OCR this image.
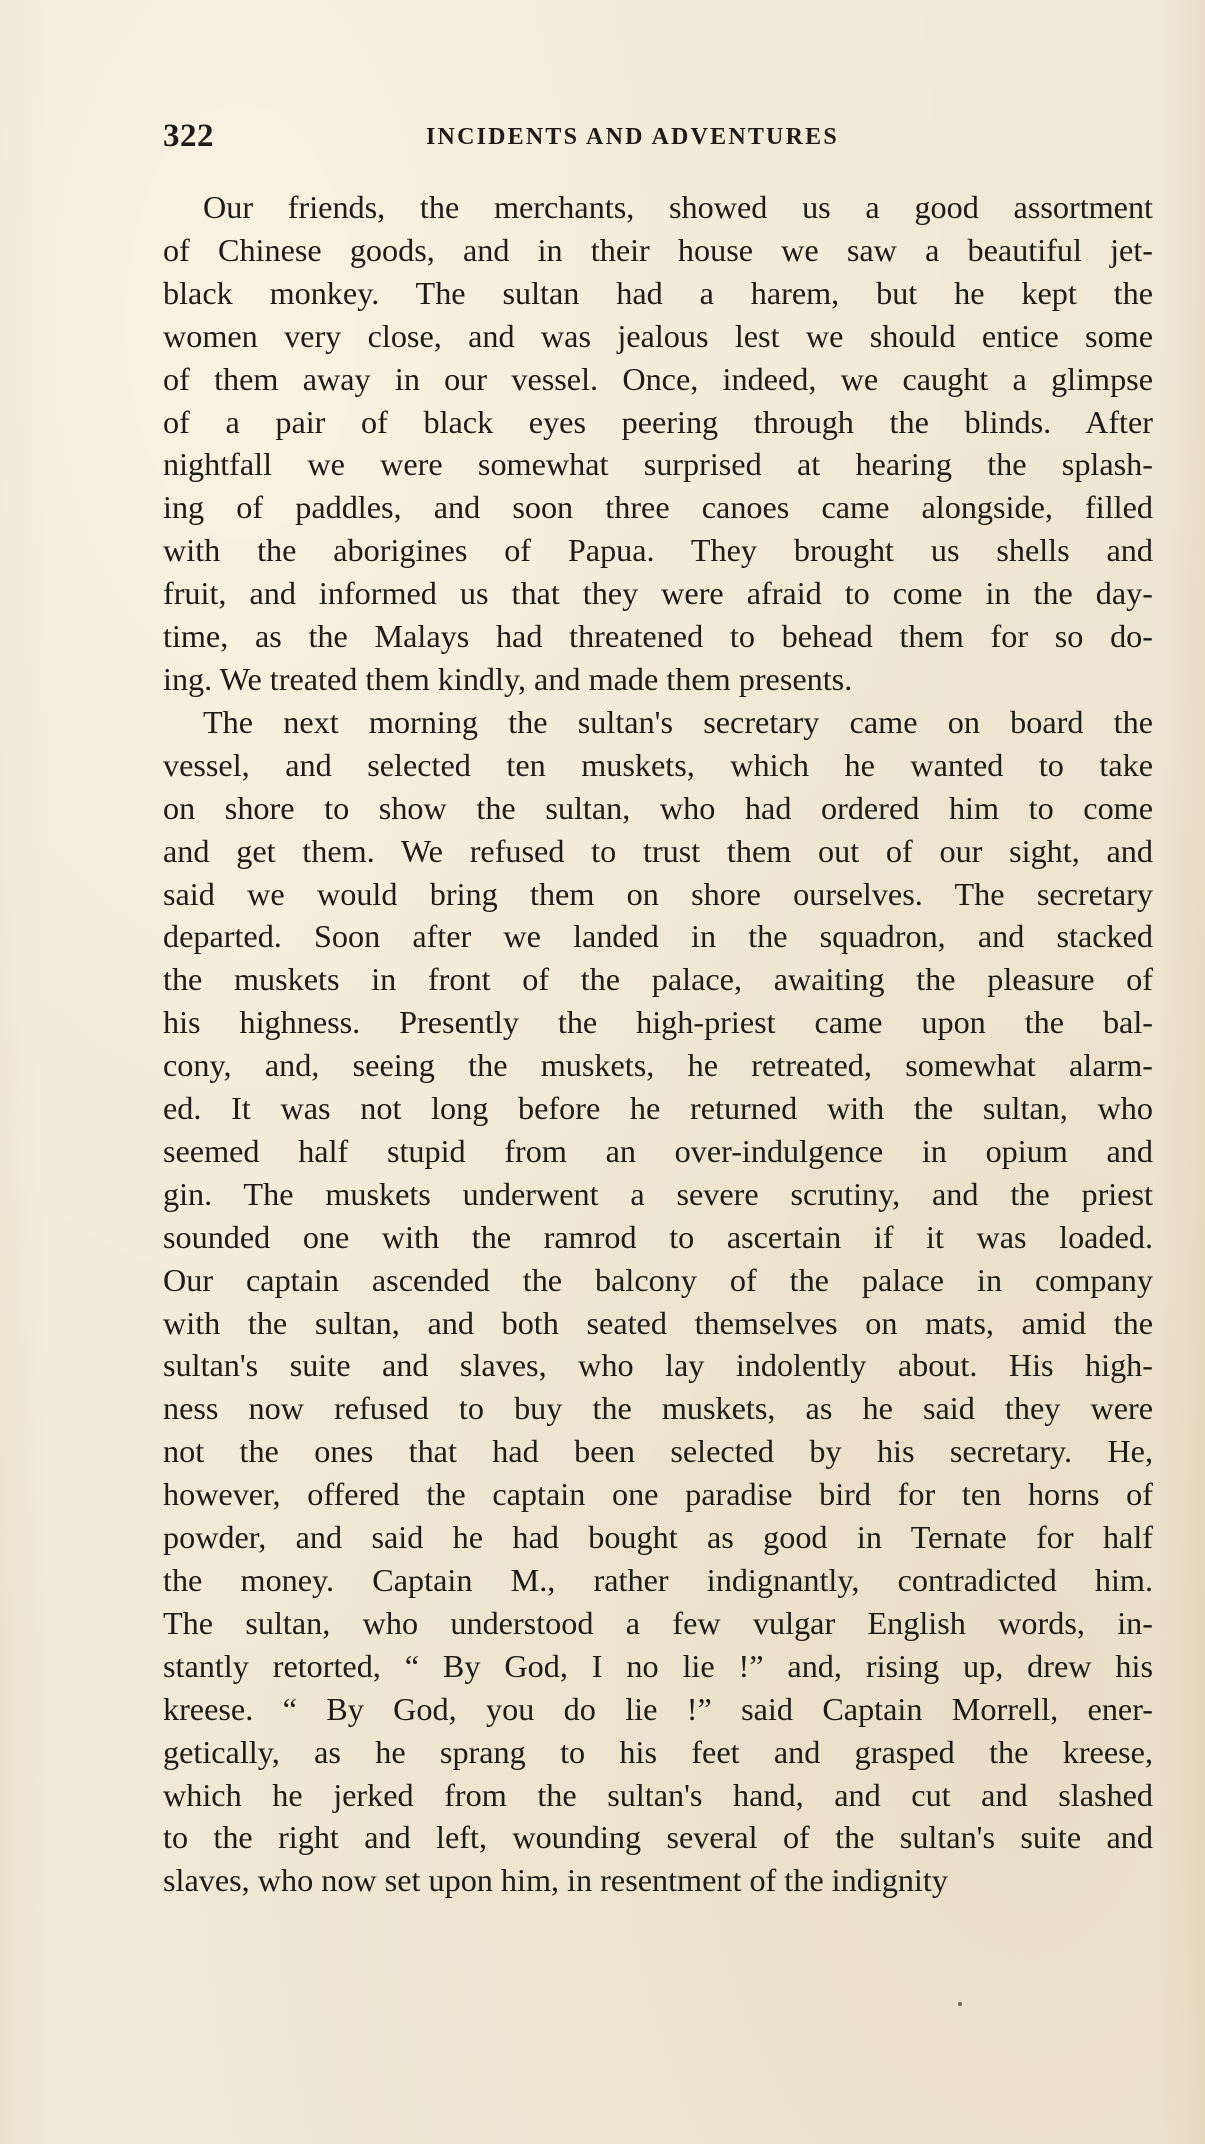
322	INCIDENTS AND ADVENTURES
Our friends, the merchants, showed us a good assortment
of Chinese goods, and in their house we saw a beautiful jet-
black monkey. The sultan had a harem, but he kept the
women very close, and was jealous lest we should entice some
of them away in our vessel. Once, indeed, we caught a glimpse
of a pair of black eyes peering through the blinds. After
nightfall we were somewhat surprised at hearing the splash-
ing of paddles, and soon three canoes came alongside, filled
with the aborigines of Papua. They brought us shells and
fruit, and informed us that they were afraid to come in the day-
time, as the Malays had threatened to behead them for so do-
ing. We treated them kindly, and made them presents.
The next morning the sultan's secretary came on board the
vessel, and selected ten muskets, which he wanted to take
on shore to show the sultan, who had ordered him to come
and get them. We refused to trust them out of our sight, and
said we would bring them on shore ourselves. The secretary
departed. Soon after we landed in the squadron, and stacked
the muskets in front of the palace, awaiting the pleasure of
his highness. Presently the high-priest came upon the bal-
cony, and, seeing the muskets, he retreated, somewhat alarm-
ed. It was not long before he returned with the sultan, who
seemed half stupid from an over-indulgence in opium and
gin. The muskets underwent a severe scrutiny, and the priest
sounded one with the ramrod to ascertain if it was loaded.
Our captain ascended the balcony of the palace in company
with the sultan, and both seated themselves on mats, amid the
sultan's suite and slaves, who lay indolently about. His high-
ness now refused to buy the muskets, as he said they were
not the ones that had been selected by his secretary. He,
however, offered the captain one paradise bird for ten horns of
powder, and said he had bought as good in Ternate for half
the money. Captain M., rather indignantly, contradicted him.
The sultan, who understood a few vulgar English words, in-
stantly retorted, “ By God, I no lie !” and, rising up, drew his
kreese. “ By God, you do lie !” said Captain Morrell, ener-
getically, as he sprang to his feet and grasped the kreese,
which he jerked from the sultan's hand, and cut and slashed
to the right and left, wounding several of the sultan's suite and
slaves, who now set upon him, in resentment of the indignity
